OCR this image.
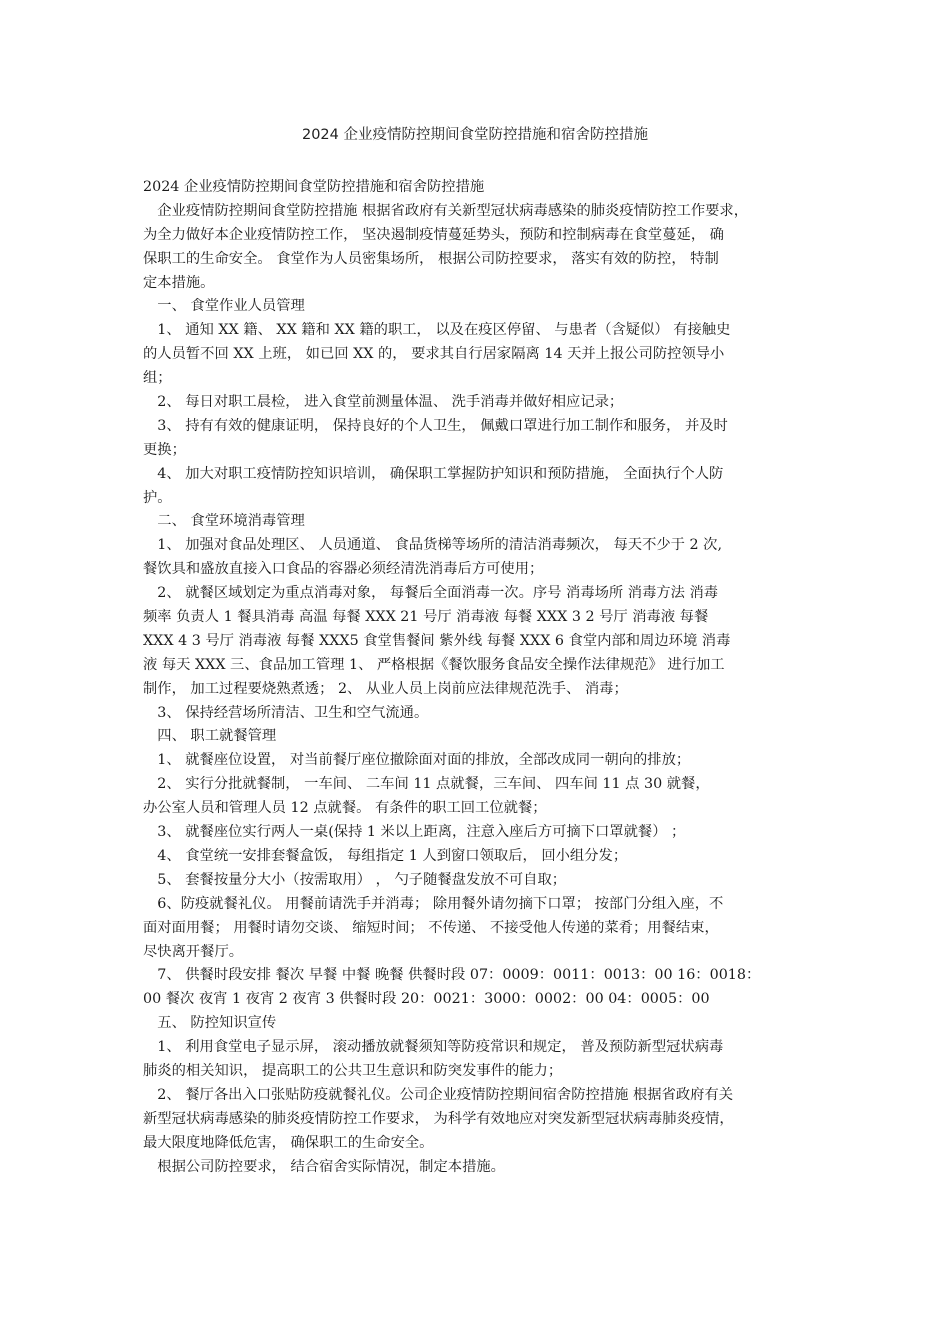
2024 企业疫情防控期间食堂防控措施和宿舍防控措施
2024 企业疫情防控期间食堂防控措施和宿舍防控措施
　企业疫情防控期间食堂防控措施 根据省政府有关新型冠状病毒感染的肺炎疫情防控工作要求，
为全力做好本企业疫情防控工作， 坚决遏制疫情蔓延势头，预防和控制病毒在食堂蔓延， 确
保职工的生命安全。 食堂作为人员密集场所， 根据公司防控要求， 落实有效的防控， 特制
定本措施。
　一、 食堂作业人员管理
　1、 通知 XX 籍、 XX 籍和 XX 籍的职工， 以及在疫区停留、 与患者（含疑似） 有接触史
的人员暂不回 XX 上班， 如已回 XX 的， 要求其自行居家隔离 14 天并上报公司防控领导小
组；
　2、 每日对职工晨检， 进入食堂前测量体温、 洗手消毒并做好相应记录；
　3、 持有有效的健康证明， 保持良好的个人卫生， 佩戴口罩进行加工制作和服务， 并及时
更换；
　4、 加大对职工疫情防控知识培训， 确保职工掌握防护知识和预防措施， 全面执行个人防
护。
　二、 食堂环境消毒管理
　1、 加强对食品处理区、 人员通道、 食品货梯等场所的清洁消毒频次， 每天不少于 2 次,
餐饮具和盛放直接入口食品的容器必须经清洗消毒后方可使用；
　2、 就餐区域划定为重点消毒对象， 每餐后全面消毒一次。序号 消毒场所 消毒方法 消毒
频率 负责人 1 餐具消毒 高温 每餐 XXX 21 号厅 消毒液 每餐 XXX 3 2 号厅 消毒液 每餐
XXX 4 3 号厅 消毒液 每餐 XXX5 食堂售餐间 紫外线 每餐 XXX 6 食堂内部和周边环境 消毒
液 每天 XXX 三、食品加工管理 1、 严格根据《餐饮服务食品安全操作法律规范》 进行加工
制作， 加工过程要烧熟煮透； 2、 从业人员上岗前应法律规范洗手、 消毒；
　3、 保持经营场所清洁、卫生和空气流通。
　四、 职工就餐管理
　1、 就餐座位设置， 对当前餐厅座位撤除面对面的排放，全部改成同一朝向的排放；
　2、 实行分批就餐制， 一车间、 二车间 11 点就餐，三车间、 四车间 11 点 30 就餐，
办公室人员和管理人员 12 点就餐。 有条件的职工回工位就餐；
　3、 就餐座位实行两人一桌(保持 1 米以上距离，注意入座后方可摘下口罩就餐） ；
　4、 食堂统一安排套餐盒饭， 每组指定 1 人到窗口领取后， 回小组分发；
　5、 套餐按量分大小（按需取用） ， 勺子随餐盘发放不可自取；
　6、防疫就餐礼仪。 用餐前请洗手并消毒； 除用餐外请勿摘下口罩； 按部门分组入座，不
面对面用餐； 用餐时请勿交谈、 缩短时间； 不传递、 不接受他人传递的菜肴；用餐结束，
尽快离开餐厅。
　7、 供餐时段安排 餐次 早餐 中餐 晚餐 供餐时段 07：0009：0011：0013：00 16：0018：
00 餐次 夜宵 1 夜宵 2 夜宵 3 供餐时段 20：0021：3000：0002：00 04：0005：00
　五、 防控知识宣传
　1、 利用食堂电子显示屏， 滚动播放就餐须知等防疫常识和规定， 普及预防新型冠状病毒
肺炎的相关知识， 提高职工的公共卫生意识和防突发事件的能力；
　2、 餐厅各出入口张贴防疫就餐礼仪。公司企业疫情防控期间宿舍防控措施 根据省政府有关
新型冠状病毒感染的肺炎疫情防控工作要求， 为科学有效地应对突发新型冠状病毒肺炎疫情，
最大限度地降低危害， 确保职工的生命安全。
　根据公司防控要求， 结合宿舍实际情况，制定本措施。
